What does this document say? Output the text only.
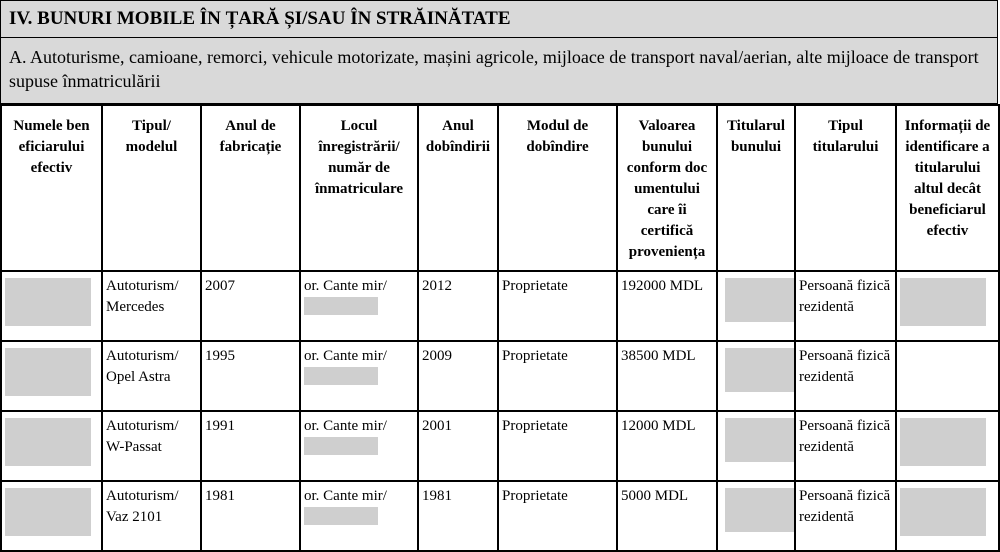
IV. BUNURI MOBILE ÎN ȚARĂ ȘI/SAU ÎN STRĂINĂTATE
A. Autoturisme, camioane, remorci, vehicule motorizate, mașini agricole, mijloace de transport naval/aerian, alte mijloace de transport supuse înmatriculării
Numele ben eficiarului efectiv	Tipul/ modelul	Anul de fabricație	Locul înregistrării/ număr de înmatriculare	Anul dobîndirii	Modul de dobîndire	Valoarea bunului conform doc umentului care îi certifică proveniența	Titularul bunului	Tipul titularului	Informații de identificare a titularului altul decât beneficiarul efectiv

	Autoturism/ Mercedes	2007	or. Cante mir/	2012	Proprietate	192000 MDL		Persoană fizică rezidentă	

	Autoturism/ Opel Astra	1995	or. Cante mir/	2009	Proprietate	38500 MDL		Persoană fizică rezidentă	

	Autoturism/ W-Passat	1991	or. Cante mir/	2001	Proprietate	12000 MDL		Persoană fizică rezidentă	

	Autoturism/ Vaz 2101	1981	or. Cante mir/	1981	Proprietate	5000 MDL		Persoană fizică rezidentă	
